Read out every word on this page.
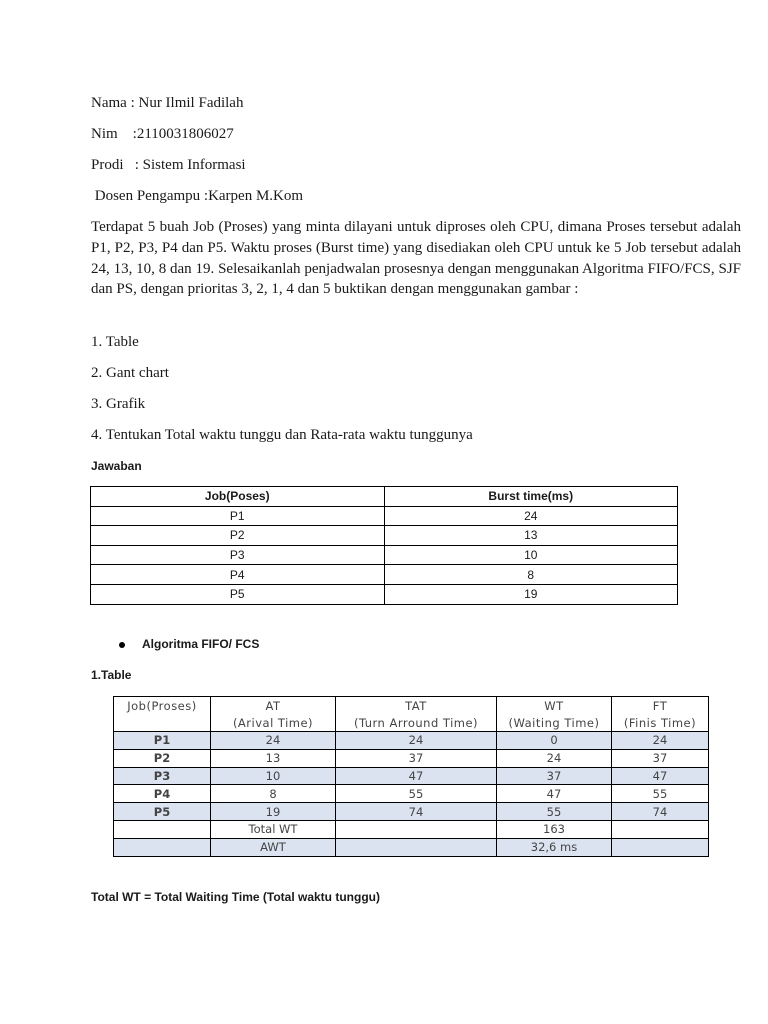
Nama : Nur Ilmil Fadilah
Nim    :2110031806027
Prodi   : Sistem Informasi
Dosen Pengampu :Karpen M.Kom
Terdapat 5 buah Job (Proses) yang minta dilayani untuk diproses oleh CPU, dimana Proses tersebut adalah P1, P2, P3, P4 dan P5. Waktu proses (Burst time) yang disediakan oleh CPU untuk ke 5 Job tersebut adalah 24, 13, 10, 8 dan 19. Selesaikanlah penjadwalan prosesnya dengan menggunakan Algoritma FIFO/FCS, SJF dan PS, dengan prioritas 3, 2, 1, 4 dan 5 buktikan dengan menggunakan gambar :
1. Table
2. Gant chart
3. Grafik
4. Tentukan Total waktu tunggu dan Rata-rata waktu tunggunya
Jawaban
Job(Poses)	Burst time(ms)
P1	24
P2	13
P3	10
P4	8
P5	19
Algoritma FIFO/ FCS
1.Table
Job(Proses)	AT	TAT	WT	FT
	(Arival Time)	(Turn Arround Time)	(Waiting Time)	(Finis Time)
P1	24	24	0	24
P2	13	37	24	37
P3	10	47	37	47
P4	8	55	47	55
P5	19	74	55	74
	Total WT		163	
	AWT		32,6 ms	
Total WT = Total Waiting Time (Total waktu tunggu)
